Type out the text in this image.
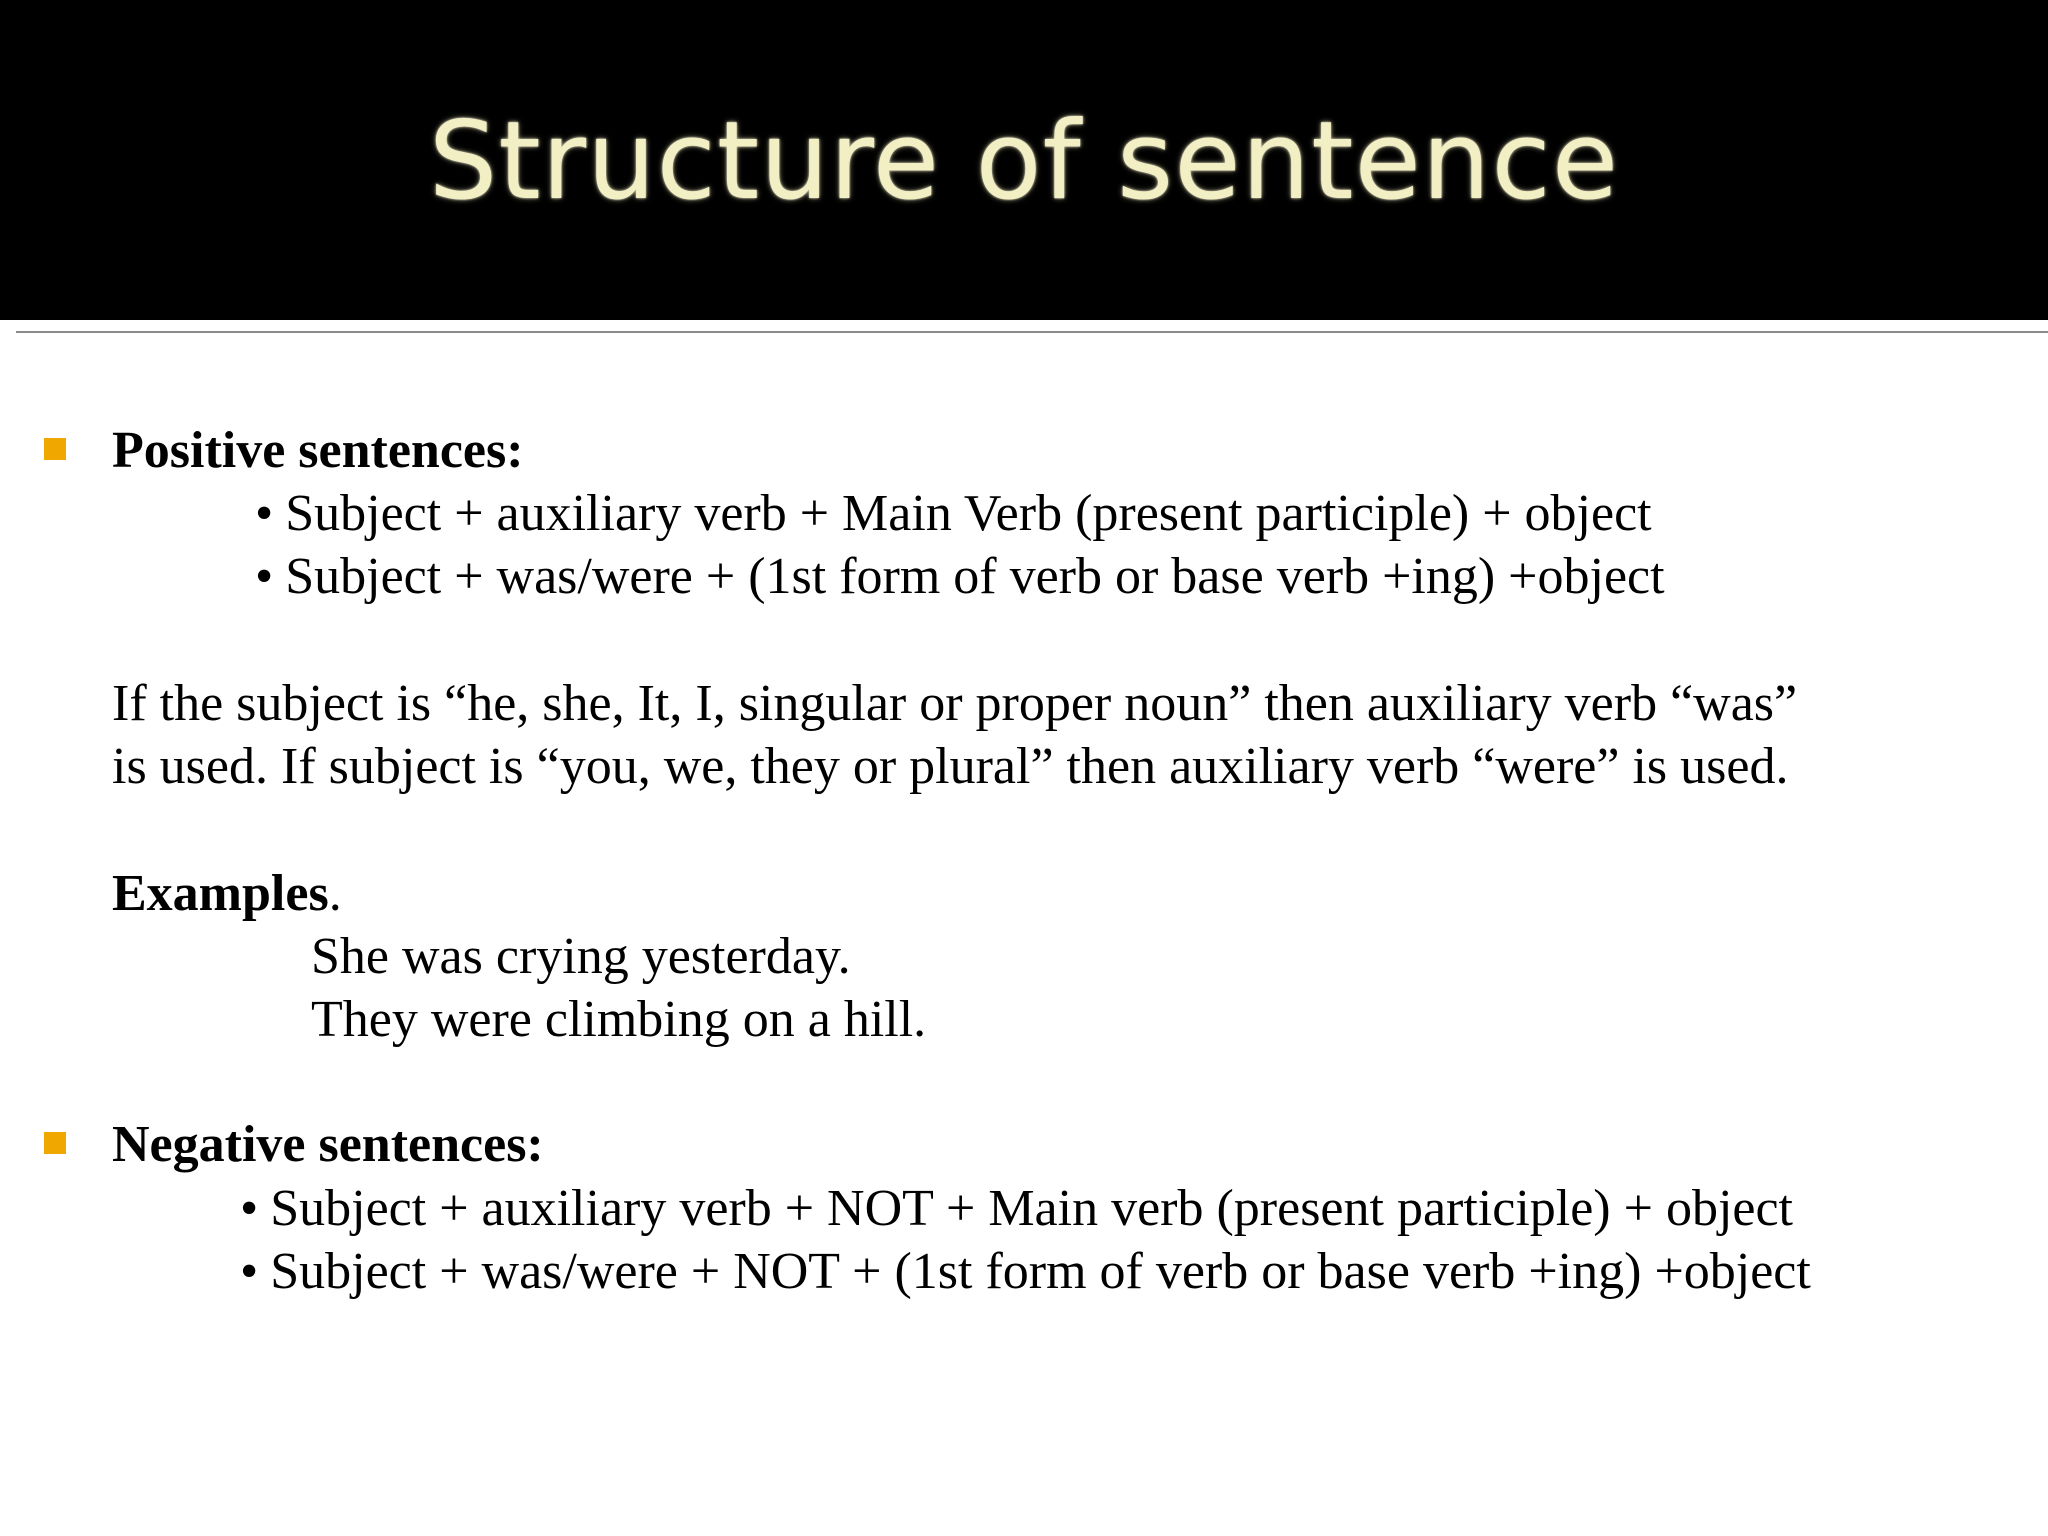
Structure of sentence
Positive sentences:
• Subject + auxiliary verb + Main Verb (present participle) + object
• Subject + was/were + (1st form of verb or base verb +ing) +object
If the subject is “he, she, It, I, singular or proper noun” then auxiliary verb “was”
is used. If subject is “you, we, they or plural” then auxiliary verb “were” is used.
Examples.
She was crying yesterday.
They were climbing on a hill.
Negative sentences:
• Subject + auxiliary verb + NOT + Main verb (present participle) + object
• Subject + was/were + NOT + (1st form of verb or base verb +ing) +object
